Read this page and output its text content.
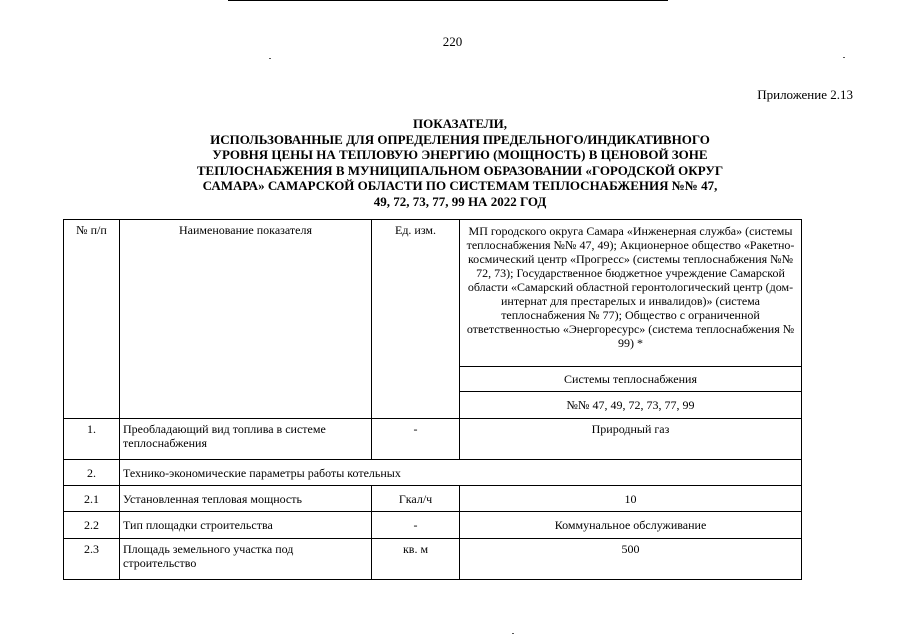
220
Приложение 2.13
ПОКАЗАТЕЛИ,
ИСПОЛЬЗОВАННЫЕ ДЛЯ ОПРЕДЕЛЕНИЯ ПРЕДЕЛЬНОГО/ИНДИКАТИВНОГО
УРОВНЯ ЦЕНЫ НА ТЕПЛОВУЮ ЭНЕРГИЮ (МОЩНОСТЬ) В ЦЕНОВОЙ ЗОНЕ
ТЕПЛОСНАБЖЕНИЯ В МУНИЦИПАЛЬНОМ ОБРАЗОВАНИИ «ГОРОДСКОЙ ОКРУГ
САМАРА» САМАРСКОЙ ОБЛАСТИ ПО СИСТЕМАМ ТЕПЛОСНАБЖЕНИЯ №№ 47,
49, 72, 73, 77, 99 НА 2022 ГОД
№ п/п	Наименование показателя	Ед. изм.	МП городского округа Самара «Инженерная служба» (системы теплоснабжения №№ 47, 49); Акционерное общество «Ракетно-космический центр «Прогресс» (системы теплоснабжения №№ 72, 73); Государственное бюджетное учреждение Самарской области «Самарский областной геронтологический центр (дом-интернат для престарелых и инвалидов)» (система теплоснабжения № 77); Общество с ограниченной ответственностью «Энергоресурс» (система теплоснабжения № 99) *
			Системы теплоснабжения
			№№ 47, 49, 72, 73, 77, 99
1.	Преобладающий вид топлива в системе теплоснабжения	-	Природный газ
2.	Технико-экономические параметры работы котельных		
2.1	Установленная тепловая мощность	Гкал/ч	10
2.2	Тип площадки строительства	-	Коммунальное обслуживание
2.3	Площадь земельного участка под строительство	кв. м	500
